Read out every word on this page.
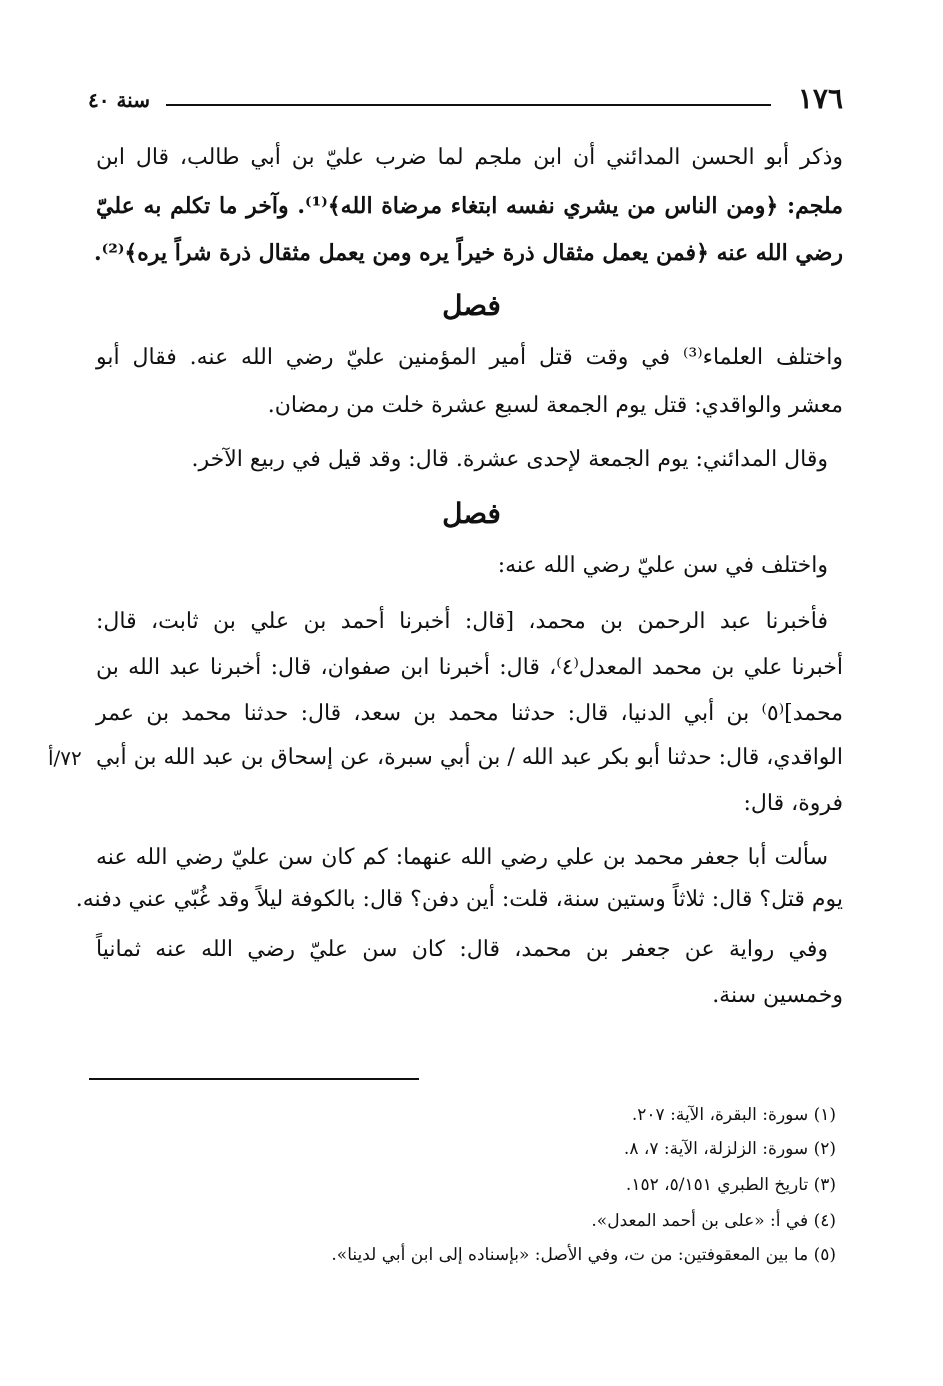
١٧٦
سنة ٤٠
وذكر أبو الحسن المدائني أن ابن ملجم لما ضرب عليّ بن أبي طالب، قال ابن
ملجم: ﴿ومن الناس من يشري نفسه ابتغاء مرضاة الله﴾⁽¹⁾. وآخر ما تكلم به عليّ
رضي الله عنه ﴿فمن يعمل مثقال ذرة خيراً يره ومن يعمل مثقال ذرة شراً يره﴾⁽²⁾.
فصل
واختلف العلماء⁽³⁾ في وقت قتل أمير المؤمنين عليّ رضي الله عنه. فقال أبو
معشر والواقدي: قتل يوم الجمعة لسبع عشرة خلت من رمضان.
وقال المدائني: يوم الجمعة لإحدى عشرة. قال: وقد قيل في ربيع الآخر.
فصل
واختلف في سن عليّ رضي الله عنه:
فأخبرنا عبد الرحمن بن محمد، [قال: أخبرنا أحمد بن علي بن ثابت، قال:
أخبرنا علي بن محمد المعدل⁽٤⁾، قال: أخبرنا ابن صفوان، قال: أخبرنا عبد الله بن
محمد]⁽٥⁾ بن أبي الدنيا، قال: حدثنا محمد بن سعد، قال: حدثنا محمد بن عمر
الواقدي، قال: حدثنا أبو بكر عبد الله / بن أبي سبرة، عن إسحاق بن عبد الله بن أبي
فروة، قال:
٧٢/أ
سألت أبا جعفر محمد بن علي رضي الله عنهما: كم كان سن عليّ رضي الله عنه
يوم قتل؟ قال: ثلاثاً وستين سنة، قلت: أين دفن؟ قال: بالكوفة ليلاً وقد غُبّي عني دفنه.
وفي رواية عن جعفر بن محمد، قال: كان سن عليّ رضي الله عنه ثمانياً
وخمسين سنة.
(١) سورة: البقرة، الآية: ٢٠٧.
(٢) سورة: الزلزلة، الآية: ٧، ٨.
(٣) تاريخ الطبري ٥/١٥١، ١٥٢.
(٤) في أ: «على بن أحمد المعدل».
(٥) ما بين المعقوفتين: من ت، وفي الأصل: «بإسناده إلى ابن أبي لدينا».
